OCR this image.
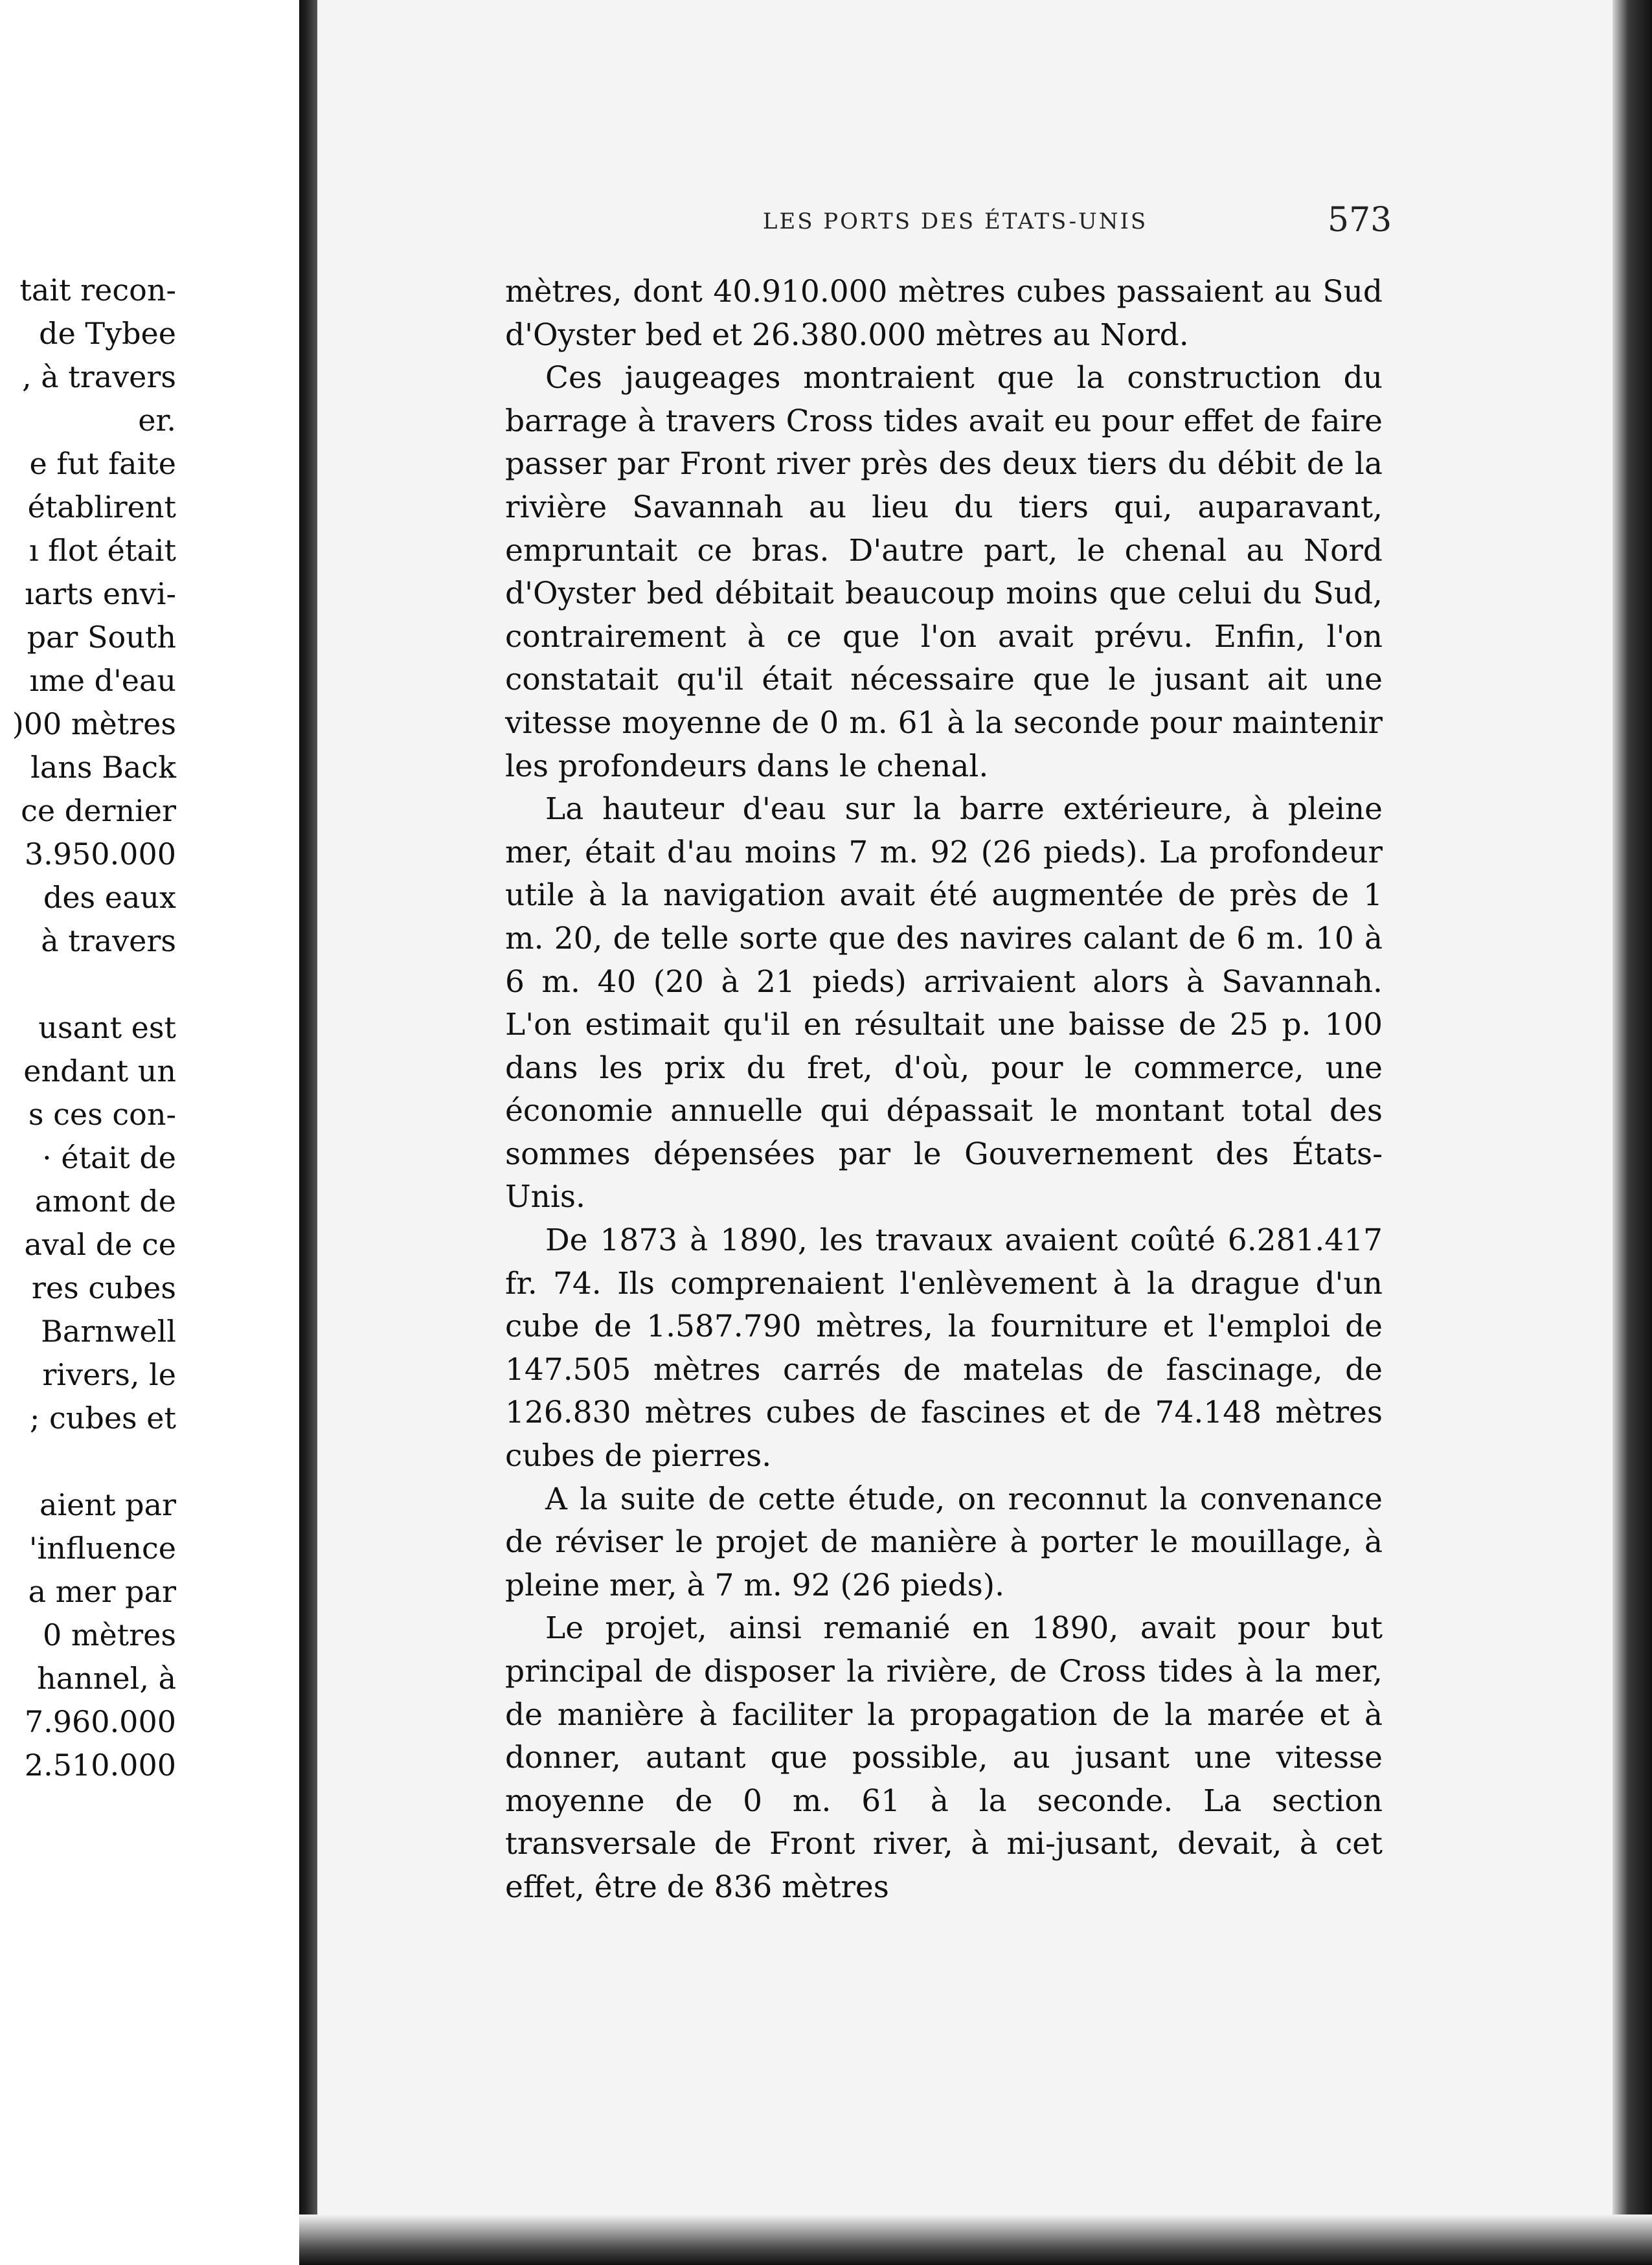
tait recon-
de Tybee
, à travers
er.
e fut faite
établirent
ı flot était
ıarts envi-
par South
ıme d'eau
)00 mètres
lans Back
ce dernier
3.950.000
des eaux
à travers
usant est
endant un
s ces con-
· était de
amont de
aval de ce
res cubes
Barnwell
rivers, le
; cubes et
aient par
'influence
a mer par
0 mètres
hannel, à
7.960.000
2.510.000
LES PORTS DES ÉTATS-UNIS	573

mètres, dont 40.910.000 mètres cubes passaient au Sud d'Oyster bed et 26.380.000 mètres au Nord.

Ces jaugeages montraient que la construction du barrage à travers Cross tides avait eu pour effet de faire passer par Front river près des deux tiers du débit de la rivière Savannah au lieu du tiers qui, auparavant, empruntait ce bras. D'autre part, le chenal au Nord d'Oyster bed débitait beaucoup moins que celui du Sud, contrairement à ce que l'on avait prévu. Enfin, l'on constatait qu'il était nécessaire que le jusant ait une vitesse moyenne de 0 m. 61 à la seconde pour maintenir les profondeurs dans le chenal.

La hauteur d'eau sur la barre extérieure, à pleine mer, était d'au moins 7 m. 92 (26 pieds). La profondeur utile à la navigation avait été augmentée de près de 1 m. 20, de telle sorte que des navires calant de 6 m. 10 à 6 m. 40 (20 à 21 pieds) arrivaient alors à Savannah. L'on estimait qu'il en résultait une baisse de 25 p. 100 dans les prix du fret, d'où, pour le commerce, une économie annuelle qui dépassait le montant total des sommes dépensées par le Gouvernement des États-Unis.

De 1873 à 1890, les travaux avaient coûté 6.281.417 fr. 74. Ils comprenaient l'enlèvement à la drague d'un cube de 1.587.790 mètres, la fourniture et l'emploi de 147.505 mètres carrés de matelas de fascinage, de 126.830 mètres cubes de fascines et de 74.148 mètres cubes de pierres.

A la suite de cette étude, on reconnut la convenance de réviser le projet de manière à porter le mouillage, à pleine mer, à 7 m. 92 (26 pieds).

Le projet, ainsi remanié en 1890, avait pour but principal de disposer la rivière, de Cross tides à la mer, de manière à faciliter la propagation de la marée et à donner, autant que possible, au jusant une vitesse moyenne de 0 m. 61 à la seconde. La section transversale de Front river, à mi-jusant, devait, à cet effet, être de 836 mètres
